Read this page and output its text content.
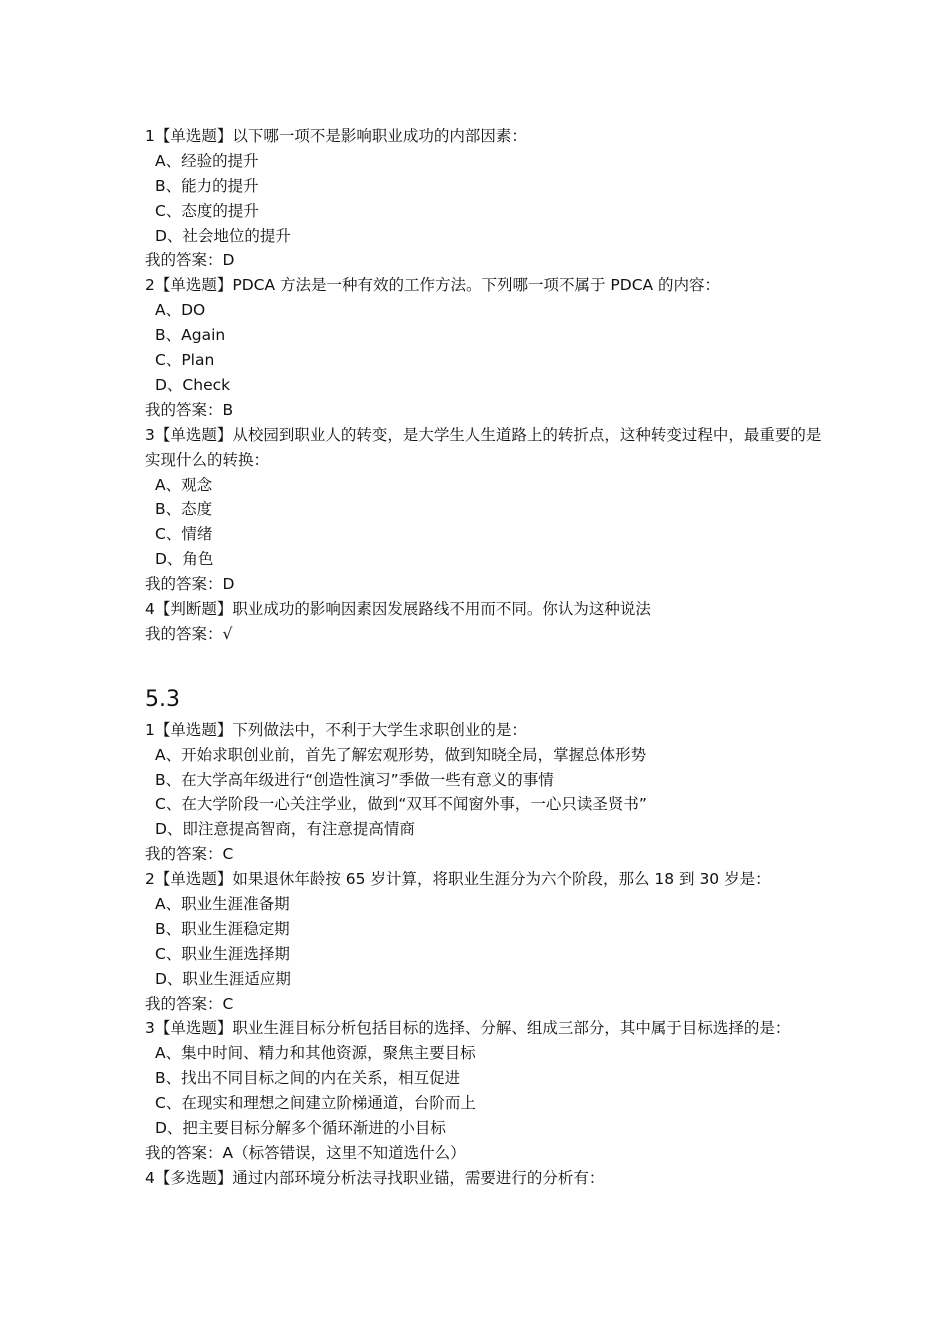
1【单选题】以下哪一项不是影响职业成功的内部因素：
A、经验的提升
B、能力的提升
C、态度的提升
D、社会地位的提升
我的答案：D
2【单选题】PDCA 方法是一种有效的工作方法。下列哪一项不属于 PDCA 的内容：
A、DO
B、Again
C、Plan
D、Check
我的答案：B
3【单选题】从校园到职业人的转变，是大学生人生道路上的转折点，这种转变过程中，最重要的是实现什么的转换：
A、观念
B、态度
C、情绪
D、角色
我的答案：D
4【判断题】职业成功的影响因素因发展路线不用而不同。你认为这种说法
我的答案：√
5.3
1【单选题】下列做法中，不利于大学生求职创业的是：
A、开始求职创业前，首先了解宏观形势，做到知晓全局，掌握总体形势
B、在大学高年级进行“创造性演习”季做一些有意义的事情
C、在大学阶段一心关注学业，做到“双耳不闻窗外事，一心只读圣贤书”
D、即注意提高智商，有注意提高情商
我的答案：C
2【单选题】如果退休年龄按 65 岁计算，将职业生涯分为六个阶段，那么 18 到 30 岁是：
A、职业生涯准备期
B、职业生涯稳定期
C、职业生涯选择期
D、职业生涯适应期
我的答案：C
3【单选题】职业生涯目标分析包括目标的选择、分解、组成三部分，其中属于目标选择的是：
A、集中时间、精力和其他资源，聚焦主要目标
B、找出不同目标之间的内在关系，相互促进
C、在现实和理想之间建立阶梯通道，台阶而上
D、把主要目标分解多个循环渐进的小目标
我的答案：A（标答错误，这里不知道选什么）
4【多选题】通过内部环境分析法寻找职业锚，需要进行的分析有：
